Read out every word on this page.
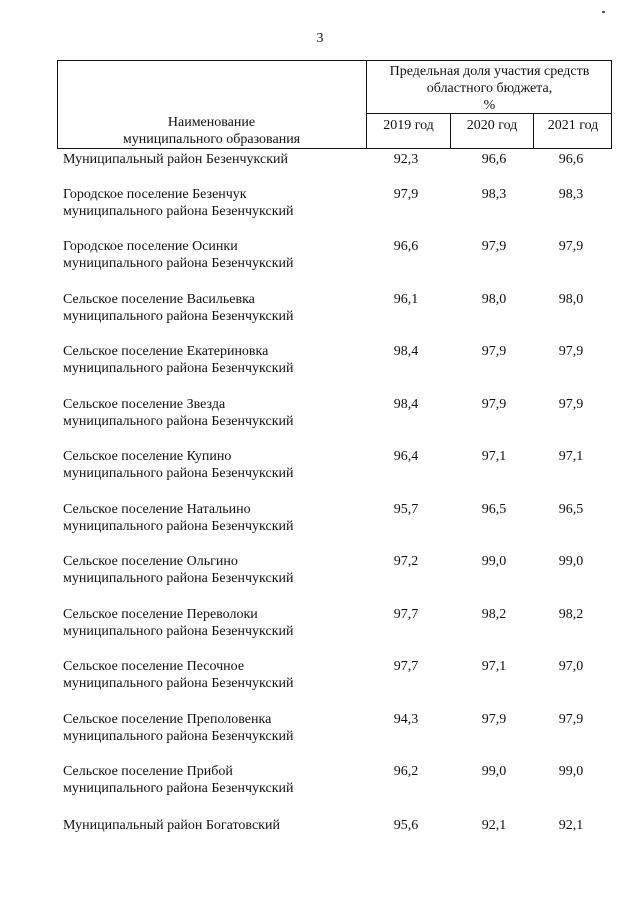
3
Наименование
муниципального образования
Предельная доля участия средств
областного бюджета,
%
2019 год	2020 год	2021 год
Муниципальный район Безенчукский	92,3	96,6	96,6
Городское поселение Безенчук
муниципального района Безенчукский
97,9	98,3	98,3
Городское поселение Осинки
муниципального района Безенчукский
96,6	97,9	97,9
Сельское поселение Васильевка
муниципального района Безенчукский
96,1	98,0	98,0
Сельское поселение Екатериновка
муниципального района Безенчукский
98,4	97,9	97,9
Сельское поселение Звезда
муниципального района Безенчукский
98,4	97,9	97,9
Сельское поселение Купино
муниципального района Безенчукский
96,4	97,1	97,1
Сельское поселение Натальино
муниципального района Безенчукский
95,7	96,5	96,5
Сельское поселение Ольгино
муниципального района Безенчукский
97,2	99,0	99,0
Сельское поселение Переволоки
муниципального района Безенчукский
97,7	98,2	98,2
Сельское поселение Песочное
муниципального района Безенчукский
97,7	97,1	97,0
Сельское поселение Преполовенка
муниципального района Безенчукский
94,3	97,9	97,9
Сельское поселение Прибой
муниципального района Безенчукский
96,2	99,0	99,0
Муниципальный район Богатовский	95,6	92,1	92,1
